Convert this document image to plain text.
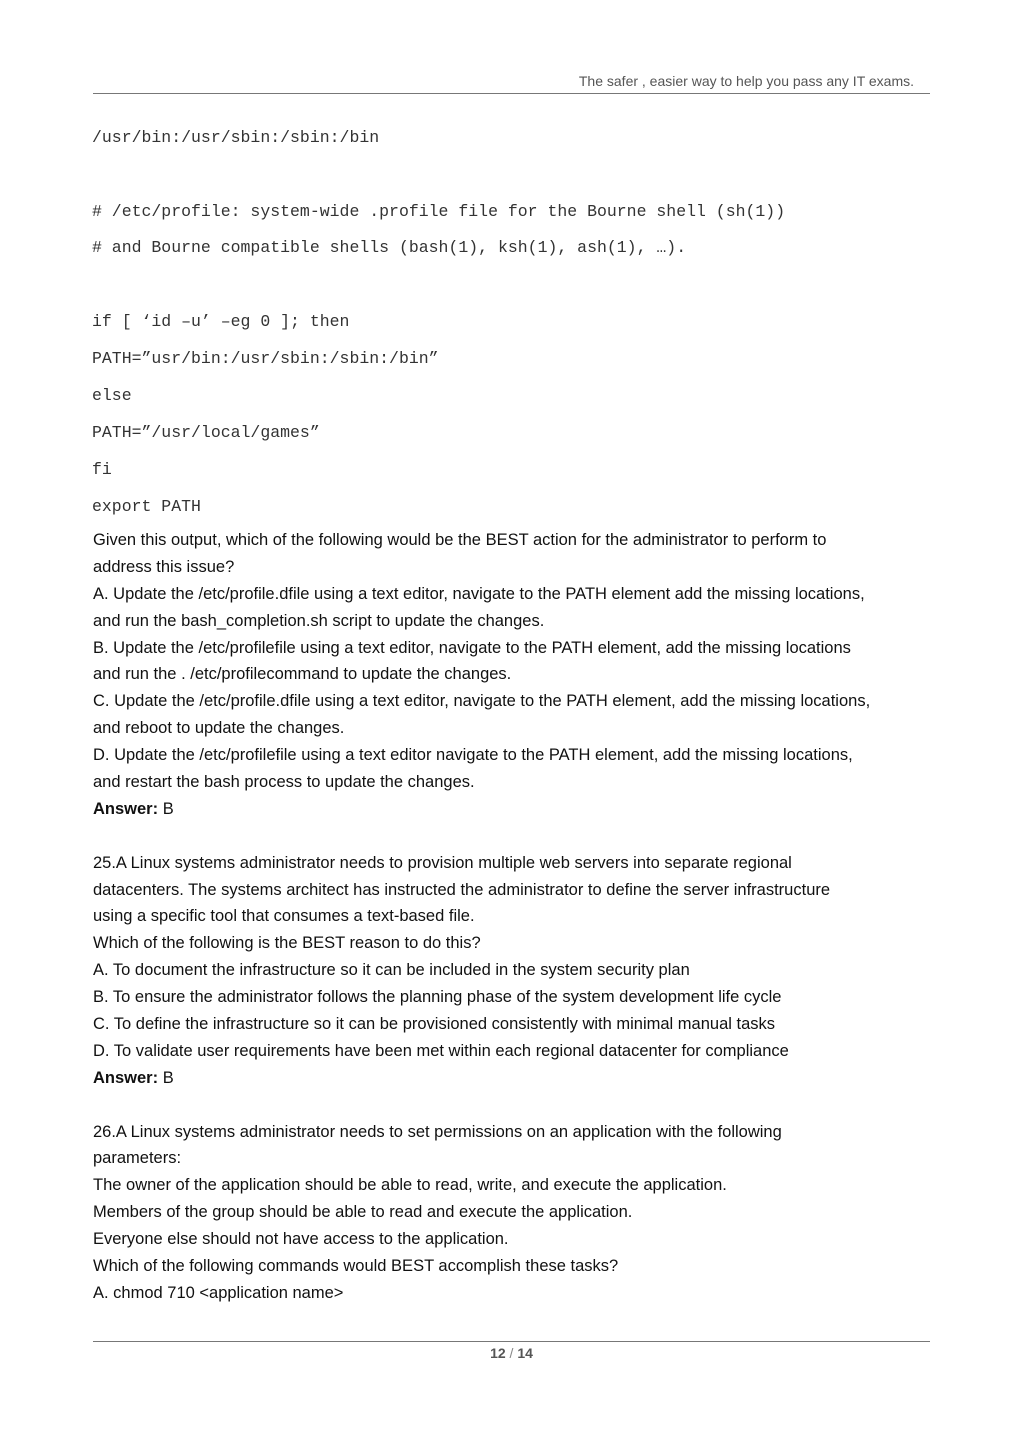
The safer , easier way to help you pass any IT exams.
/usr/bin:/usr/sbin:/sbin:/bin
# /etc/profile: system-wide .profile file for the Bourne shell (sh(1))
# and Bourne compatible shells (bash(1), ksh(1), ash(1), …).
if [ ‘id –u’ –eg 0 ]; then
PATH=”usr/bin:/usr/sbin:/sbin:/bin”
else
PATH=”/usr/local/games”
fi
export PATH
Given this output, which of the following would be the BEST action for the administrator to perform to
address this issue?
A. Update the /etc/profile.dfile using a text editor, navigate to the PATH element add the missing locations,
and run the bash_completion.sh script to update the changes.
B. Update the /etc/profilefile using a text editor, navigate to the PATH element, add the missing locations
and run the . /etc/profilecommand to update the changes.
C. Update the /etc/profile.dfile using a text editor, navigate to the PATH element, add the missing locations,
and reboot to update the changes.
D. Update the /etc/profilefile using a text editor navigate to the PATH element, add the missing locations,
and restart the bash process to update the changes.
Answer: B
25.A Linux systems administrator needs to provision multiple web servers into separate regional
datacenters. The systems architect has instructed the administrator to define the server infrastructure
using a specific tool that consumes a text-based file.
Which of the following is the BEST reason to do this?
A. To document the infrastructure so it can be included in the system security plan
B. To ensure the administrator follows the planning phase of the system development life cycle
C. To define the infrastructure so it can be provisioned consistently with minimal manual tasks
D. To validate user requirements have been met within each regional datacenter for compliance
Answer: B
26.A Linux systems administrator needs to set permissions on an application with the following
parameters:
The owner of the application should be able to read, write, and execute the application.
Members of the group should be able to read and execute the application.
Everyone else should not have access to the application.
Which of the following commands would BEST accomplish these tasks?
A. chmod 710 <application name>
12 / 14
